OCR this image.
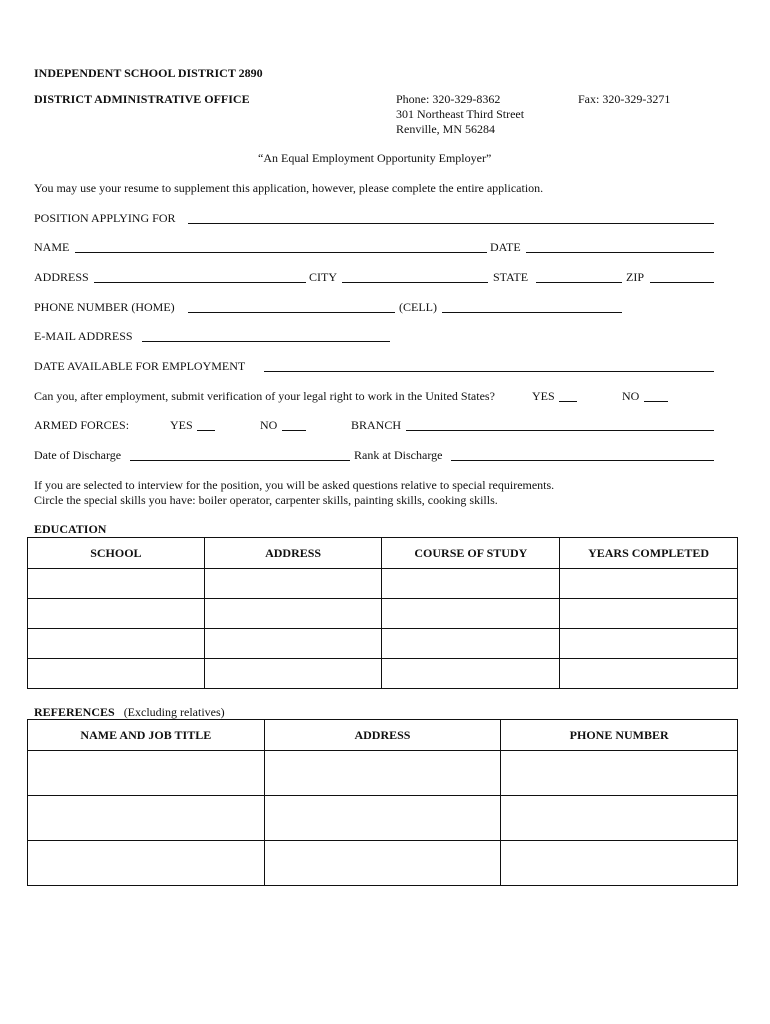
INDEPENDENT SCHOOL DISTRICT 2890
DISTRICT ADMINISTRATIVE OFFICE	Phone: 320-329-8362	Fax: 320-329-3271
301 Northeast Third Street
Renville, MN 56284
“An Equal Employment Opportunity Employer”
You may use your resume to supplement this application, however, please complete the entire application.
POSITION APPLYING FOR
NAME	DATE
ADDRESS	CITY	STATE	ZIP
PHONE NUMBER (HOME)	(CELL)
E-MAIL ADDRESS
DATE AVAILABLE FOR EMPLOYMENT
Can you, after employment, submit verification of your legal right to work in the United States?	YES	NO
ARMED FORCES:	YES	NO	BRANCH
Date of Discharge	Rank at Discharge
If you are selected to interview for the position, you will be asked questions relative to special requirements.
Circle the special skills you have: boiler operator, carpenter skills, painting skills, cooking skills.
EDUCATION
SCHOOL	ADDRESS	COURSE OF STUDY	YEARS COMPLETED

REFERENCES (Excluding relatives)
NAME AND JOB TITLE	ADDRESS	PHONE NUMBER
